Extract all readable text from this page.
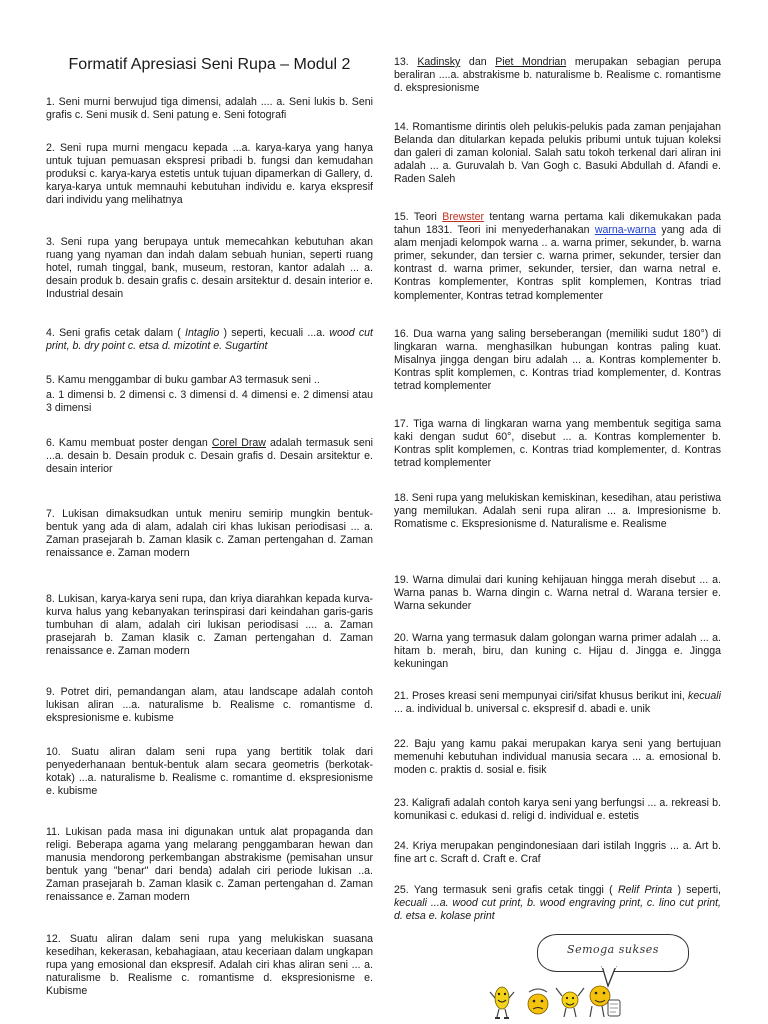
Formatif Apresiasi Seni Rupa – Modul 2

1. Seni murni berwujud tiga dimensi, adalah .... a. Seni lukis b. Seni grafis c. Seni musik d. Seni patung e. Seni fotografi

2. Seni rupa murni mengacu kepada ...a. karya-karya yang hanya untuk tujuan pemuasan ekspresi pribadi b. fungsi dan kemudahan produksi c. karya-karya estetis untuk tujuan dipamerkan di Gallery, d. karya-karya untuk memnauhi kebutuhan individu e. karya ekspresif dari individu yang melihatnya

3. Seni rupa yang berupaya untuk memecahkan kebutuhan akan ruang yang nyaman dan indah dalam sebuah hunian, seperti ruang hotel, rumah tinggal, bank, museum, restoran, kantor adalah ... a. desain produk b. desain grafis c. desain arsitektur d. desain interior e. Industrial desain

4. Seni grafis cetak dalam ( Intaglio ) seperti, kecuali ...a. wood cut print, b. dry point c. etsa d. mizotint e. Sugartint

5. Kamu menggambar di buku gambar A3 termasuk seni ..

a. 1 dimensi b. 2 dimensi c. 3 dimensi d. 4 dimensi e. 2 dimensi atau 3 dimensi

6. Kamu membuat poster dengan Corel Draw adalah termasuk seni ...a. desain b. Desain produk c. Desain grafis d. Desain arsitektur e. desain interior

7. Lukisan dimaksudkan untuk meniru semirip mungkin bentuk-bentuk yang ada di alam, adalah ciri khas lukisan periodisasi ... a. Zaman prasejarah b. Zaman klasik c. Zaman pertengahan d. Zaman renaissance e. Zaman modern

8. Lukisan, karya-karya seni rupa, dan kriya diarahkan kepada kurva-kurva halus yang kebanyakan terinspirasi dari keindahan garis-garis tumbuhan di alam, adalah ciri lukisan periodisasi .... a. Zaman prasejarah b. Zaman klasik c. Zaman pertengahan d. Zaman renaissance e. Zaman modern

9. Potret diri, pemandangan alam, atau landscape adalah contoh lukisan aliran ...a. naturalisme b. Realisme c. romantisme d. ekspresionisme e. kubisme

10. Suatu aliran dalam seni rupa yang bertitik tolak dari penyederhanaan bentuk-bentuk alam secara geometris (berkotak-kotak) ...a. naturalisme b. Realisme c. romantime d. ekspresionisme e. kubisme

11. Lukisan pada masa ini digunakan untuk alat propaganda dan religi. Beberapa agama yang melarang penggambaran hewan dan manusia mendorong perkembangan abstrakisme (pemisahan unsur bentuk yang "benar" dari benda) adalah ciri periode lukisan ..a. Zaman prasejarah b. Zaman klasik c. Zaman pertengahan d. Zaman renaissance e. Zaman modern

12. Suatu aliran dalam seni rupa yang melukiskan suasana kesedihan, kekerasan, kebahagiaan, atau keceriaan dalam ungkapan rupa yang emosional dan ekspresif. Adalah ciri khas aliran seni ... a. naturalisme b. Realisme c. romantisme d. ekspresionisme e. Kubisme

13. Kadinsky dan Piet Mondrian merupakan sebagian perupa beraliran ....a. abstrakisme b. naturalisme b. Realisme c. romantisme d. ekspresionisme

14. Romantisme dirintis oleh pelukis-pelukis pada zaman penjajahan Belanda dan ditularkan kepada pelukis pribumi untuk tujuan koleksi dan galeri di zaman kolonial. Salah satu tokoh terkenal dari aliran ini adalah ... a. Guruvalah b. Van Gogh c. Basuki Abdullah d. Afandi e. Raden Saleh

15. Teori Brewster tentang warna pertama kali dikemukakan pada tahun 1831. Teori ini menyederhanakan warna-warna yang ada di alam menjadi kelompok warna .. a. warna primer, sekunder, b. warna primer, sekunder, dan tersier c. warna primer, sekunder, tersier dan kontrast d. warna primer, sekunder, tersier, dan warna netral e. Kontras komplementer, Kontras split komplemen, Kontras triad komplementer, Kontras tetrad komplementer

16. Dua warna yang saling berseberangan (memiliki sudut 180°) di lingkaran warna. menghasilkan hubungan kontras paling kuat. Misalnya jingga dengan biru adalah ... a. Kontras komplementer b. Kontras split komplemen, c. Kontras triad komplementer, d. Kontras tetrad komplementer

17. Tiga warna di lingkaran warna yang membentuk segitiga sama kaki dengan sudut 60°, disebut ... a. Kontras komplementer b. Kontras split komplemen, c. Kontras triad komplementer, d. Kontras tetrad komplementer

18. Seni rupa yang melukiskan kemiskinan, kesedihan, atau peristiwa yang memilukan. Adalah seni rupa aliran ... a. Impresionisme b. Romatisme c. Ekspresionisme d. Naturalisme e. Realisme

19. Warna dimulai dari kuning kehijauan hingga merah disebut ... a. Warna panas b. Warna dingin c. Warna netral d. Warana tersier e. Warna sekunder

20. Warna yang termasuk dalam golongan warna primer adalah ... a. hitam b. merah, biru, dan kuning c. Hijau d. Jingga e. Jingga kekuningan

21. Proses kreasi seni mempunyai ciri/sifat khusus berikut ini, kecuali ... a. individual b. universal c. ekspresif d. abadi e. unik

22. Baju yang kamu pakai merupakan karya seni yang bertujuan memenuhi kebutuhan individual manusia secara ... a. emosional b. moden c. praktis d. sosial e. fisik

23. Kaligrafi adalah contoh karya seni yang berfungsi ... a. rekreasi b. komunikasi c. edukasi d. religi d. individual e. estetis

24. Kriya merupakan pengindonesiaan dari istilah Inggris ... a. Art b. fine art c. Scraft d. Craft e. Craf

25. Yang termasuk seni grafis cetak tinggi ( Relif Printa ) seperti, kecuali ...a. wood cut print, b. wood engraving print, c. lino cut print, d. etsa e. kolase print

Semoga sukses
